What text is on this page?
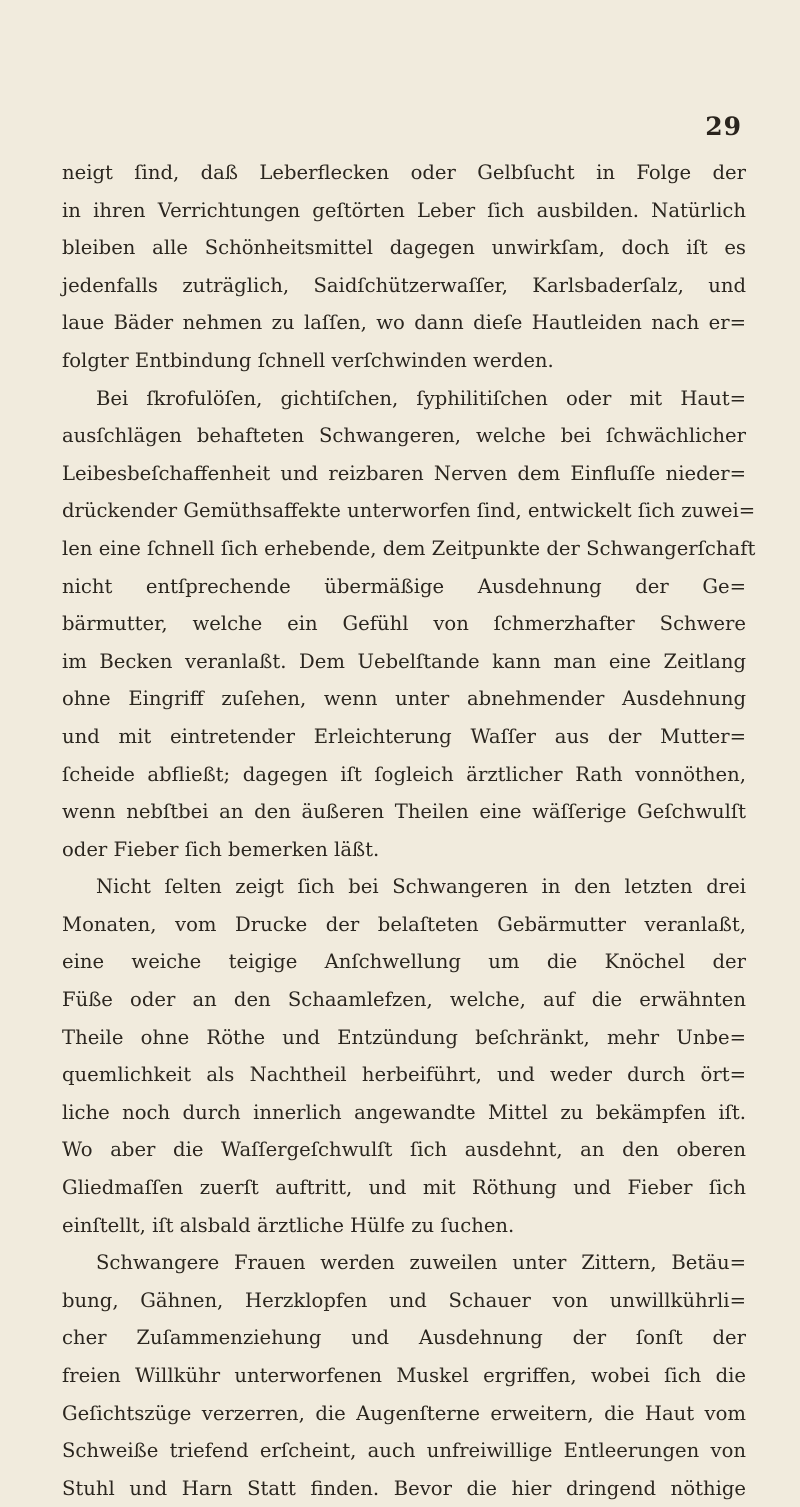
29
neigt ſind, daß Leberflecken oder Gelbſucht in Folge der
in ihren Verrichtungen geſtörten Leber ſich ausbilden. Natürlich
bleiben alle Schönheitsmittel dagegen unwirkſam, doch iſt es
jedenfalls zuträglich, Saidſchützerwaſſer, Karlsbaderſalz, und
laue Bäder nehmen zu laſſen, wo dann dieſe Hautleiden nach er=
folgter Entbindung ſchnell verſchwinden werden.
Bei ſkrofulöſen, gichtiſchen, ſyphilitiſchen oder mit Haut=
ausſchlägen behafteten Schwangeren, welche bei ſchwächlicher
Leibesbeſchaffenheit und reizbaren Nerven dem Einfluſſe nieder=
drückender Gemüthsaffekte unterworfen ſind, entwickelt ſich zuwei=
len eine ſchnell ſich erhebende, dem Zeitpunkte der Schwangerſchaft
nicht entſprechende übermäßige Ausdehnung der Ge=
bärmutter, welche ein Gefühl von ſchmerzhafter Schwere
im Becken veranlaßt. Dem Uebelſtande kann man eine Zeitlang
ohne Eingriff zuſehen, wenn unter abnehmender Ausdehnung
und mit eintretender Erleichterung Waſſer aus der Mutter=
ſcheide abfließt; dagegen iſt ſogleich ärztlicher Rath vonnöthen,
wenn nebſtbei an den äußeren Theilen eine wäſſerige Geſchwulſt
oder Fieber ſich bemerken läßt.
Nicht ſelten zeigt ſich bei Schwangeren in den letzten drei
Monaten, vom Drucke der belaſteten Gebärmutter veranlaßt,
eine weiche teigige Anſchwellung um die Knöchel der
Füße oder an den Schaamlefzen, welche, auf die erwähnten
Theile ohne Röthe und Entzündung beſchränkt, mehr Unbe=
quemlichkeit als Nachtheil herbeiführt, und weder durch ört=
liche noch durch innerlich angewandte Mittel zu bekämpfen iſt.
Wo aber die Waſſergeſchwulſt ſich ausdehnt, an den oberen
Gliedmaſſen zuerſt auftritt, und mit Röthung und Fieber ſich
einſtellt, iſt alsbald ärztliche Hülfe zu ſuchen.
Schwangere Frauen werden zuweilen unter Zittern, Betäu=
bung, Gähnen, Herzklopfen und Schauer von unwillkührli=
cher Zuſammenziehung und Ausdehnung der ſonſt der
freien Willkühr unterworfenen Muskel ergriffen, wobei ſich die
Geſichtszüge verzerren, die Augenſterne erweitern, die Haut vom
Schweiße triefend erſcheint, auch unfreiwillige Entleerungen von
Stuhl und Harn Statt finden. Bevor die hier dringend nöthige
